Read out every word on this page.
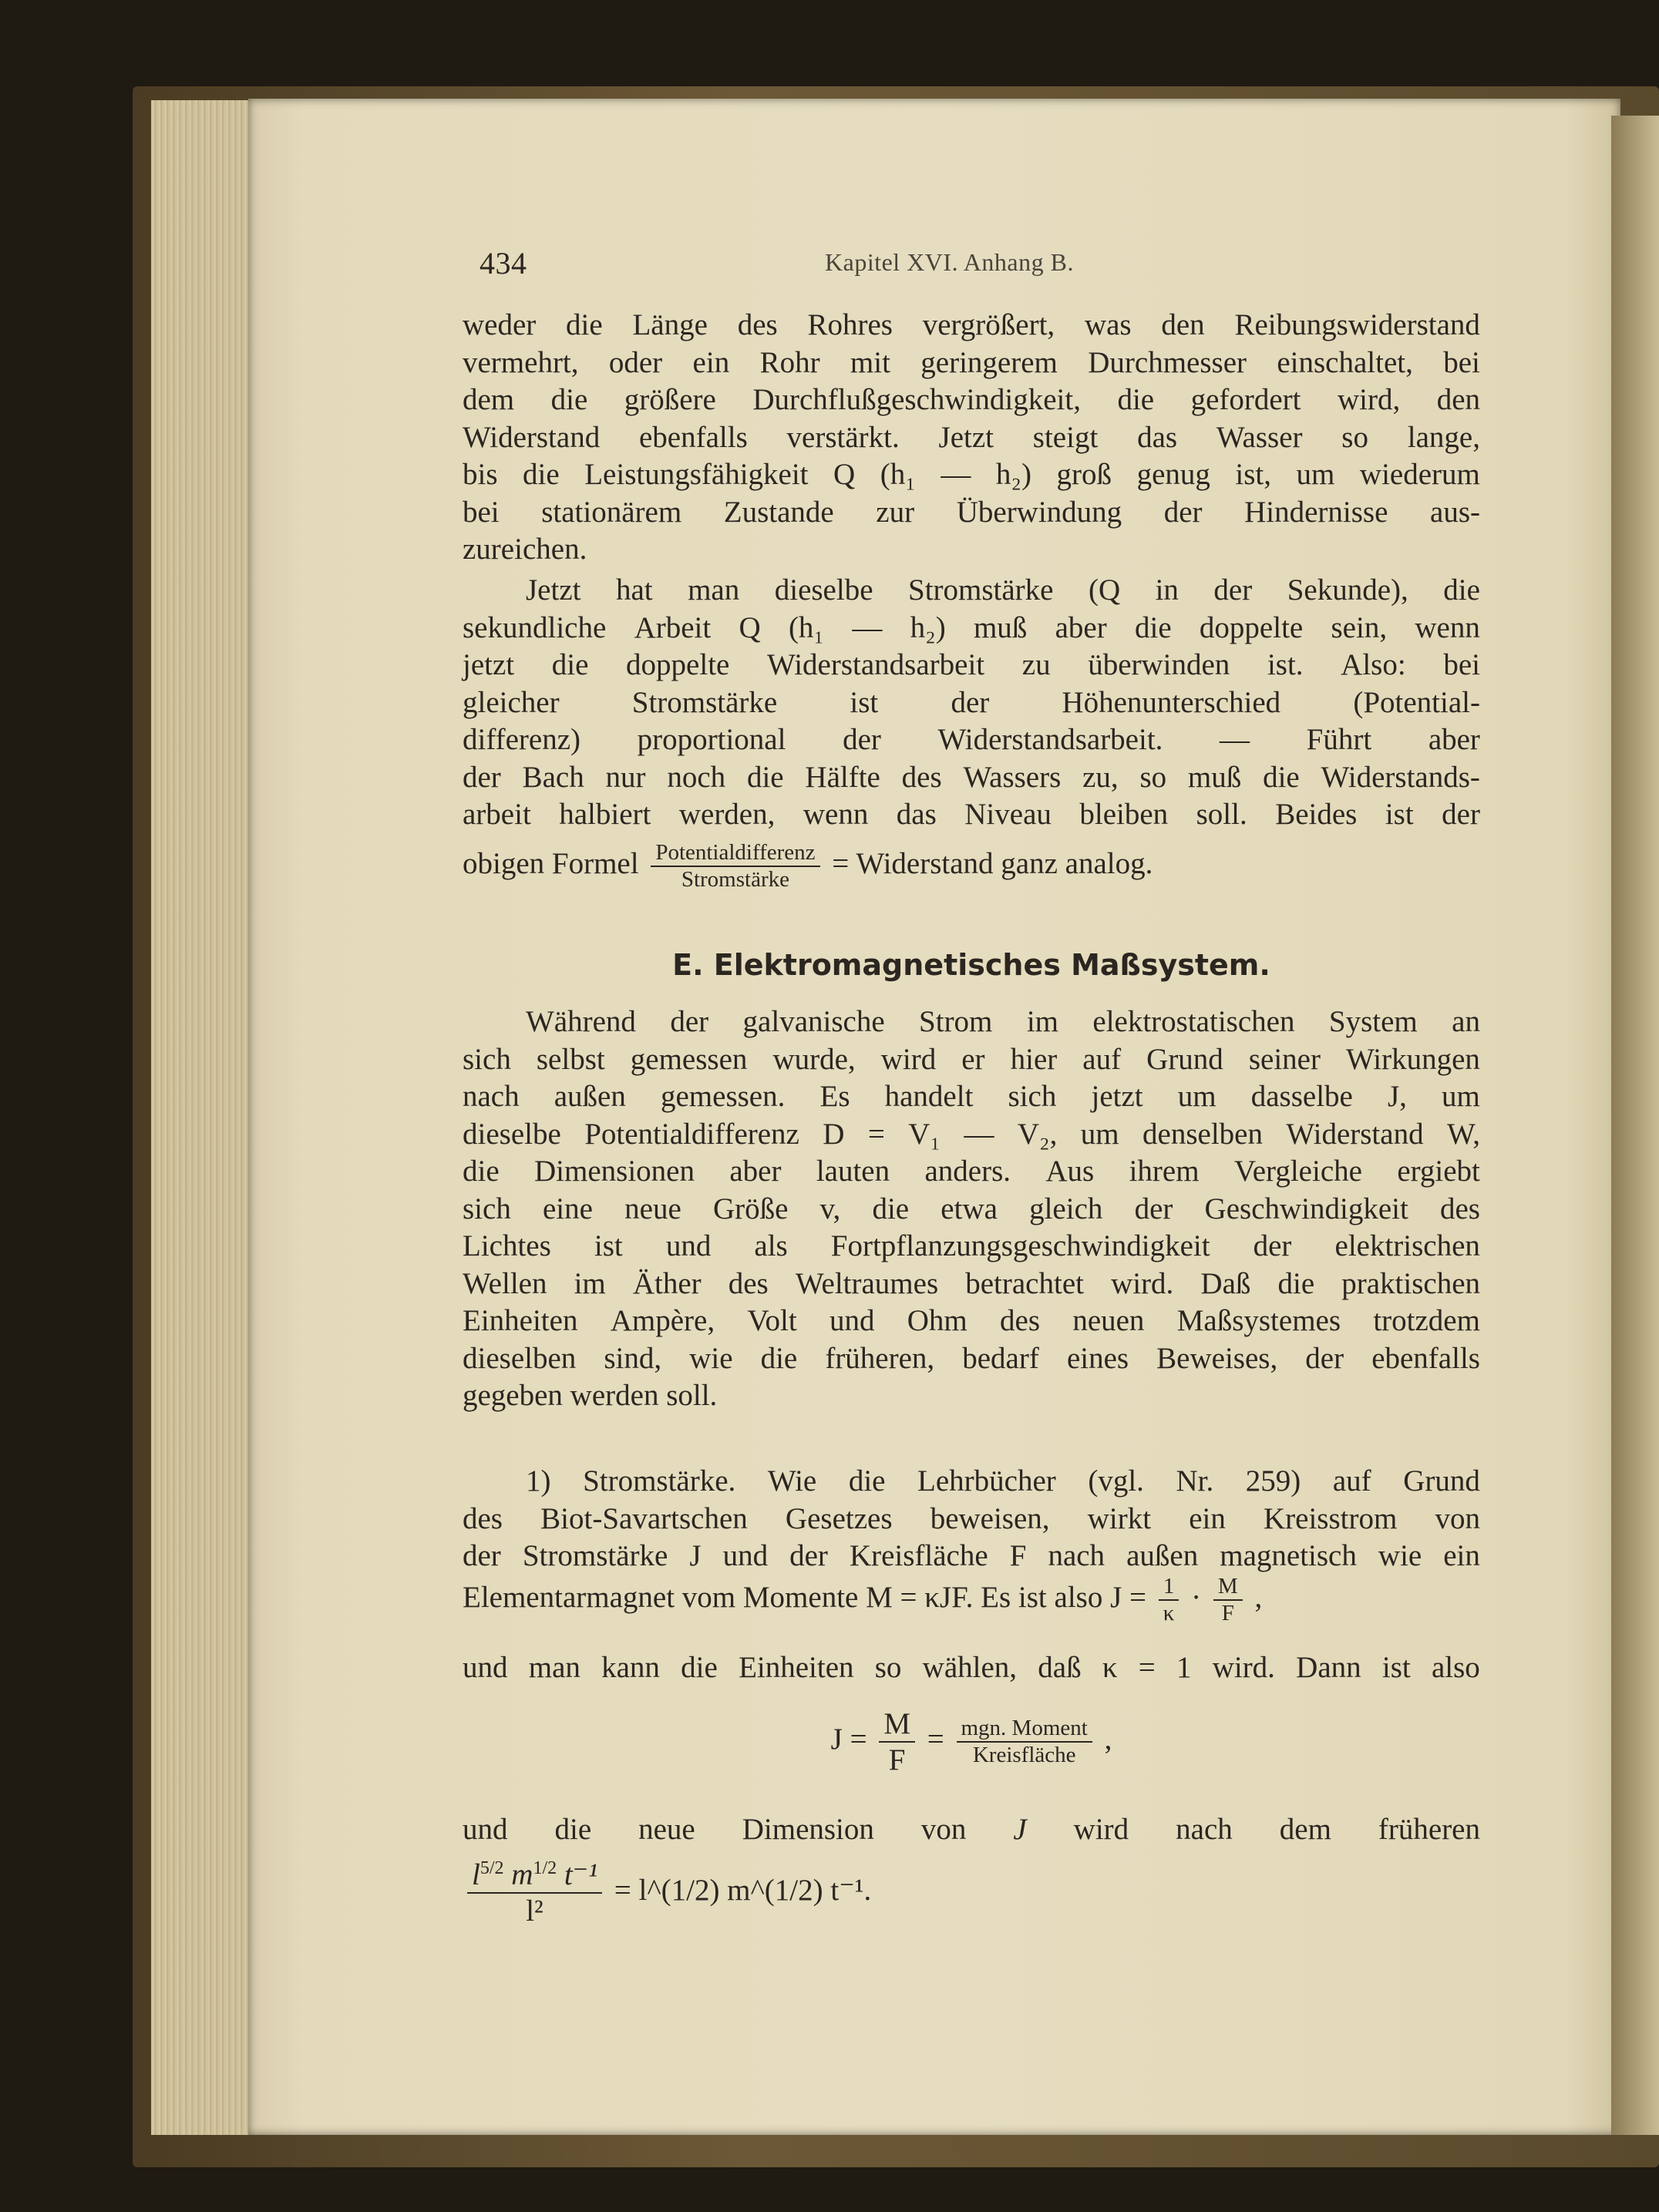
434	Kapitel XVI. Anhang B.
weder die Länge des Rohres vergrößert, was den Reibungswiderstand
vermehrt, oder ein Rohr mit geringerem Durchmesser einschaltet, bei
dem die größere Durchflußgeschwindigkeit, die gefordert wird, den
Widerstand ebenfalls verstärkt. Jetzt steigt das Wasser so lange,
bis die Leistungsfähigkeit Q (h₁ — h₂) groß genug ist, um wiederum
bei stationärem Zustande zur Überwindung der Hindernisse aus-
zureichen.
Jetzt hat man dieselbe Stromstärke (Q in der Sekunde), die
sekundliche Arbeit Q (h₁ — h₂) muß aber die doppelte sein, wenn
jetzt die doppelte Widerstandsarbeit zu überwinden ist. Also: bei
gleicher Stromstärke ist der Höhenunterschied (Potential-
differenz) proportional der Widerstandsarbeit. — Führt aber
der Bach nur noch die Hälfte des Wassers zu, so muß die Widerstands-
arbeit halbiert werden, wenn das Niveau bleiben soll. Beides ist der
obigen Formel $\frac{\text{Potentialdifferenz}}{\text{Stromstärke}}$ = Widerstand ganz analog.
E. Elektromagnetisches Maßsystem.
Während der galvanische Strom im elektrostatischen System an
sich selbst gemessen wurde, wird er hier auf Grund seiner Wirkungen
nach außen gemessen. Es handelt sich jetzt um dasselbe J, um
dieselbe Potentialdifferenz D = V₁ — V₂, um denselben Widerstand W,
die Dimensionen aber lauten anders. Aus ihrem Vergleiche ergiebt
sich eine neue Größe v, die etwa gleich der Geschwindigkeit des
Lichtes ist und als Fortpflanzungsgeschwindigkeit der elektrischen
Wellen im Äther des Weltraumes betrachtet wird. Daß die praktischen
Einheiten Ampère, Volt und Ohm des neuen Maßsystemes trotzdem
dieselben sind, wie die früheren, bedarf eines Beweises, der ebenfalls
gegeben werden soll.
1) Stromstärke. Wie die Lehrbücher (vgl. Nr. 259) auf Grund
des Biot-Savartschen Gesetzes beweisen, wirkt ein Kreisstrom von
der Stromstärke J und der Kreisfläche F nach außen magnetisch wie ein
Elementarmagnet vom Momente M = κJF. Es ist also $J = \frac{1}{\kappa} \cdot \frac{M}{F}$ ,
und man kann die Einheiten so wählen, daß κ = 1 wird. Dann ist also
$J = \frac{M}{F} = \frac{\text{mgn. Moment}}{\text{Kreisfläche}}$ ,
und die neue Dimension von J wird nach dem früheren
$\frac{l^{5/2} m^{1/2} t^{-1}}{\text{l²}}$ = l^(1/2) m^(1/2) t⁻¹.
